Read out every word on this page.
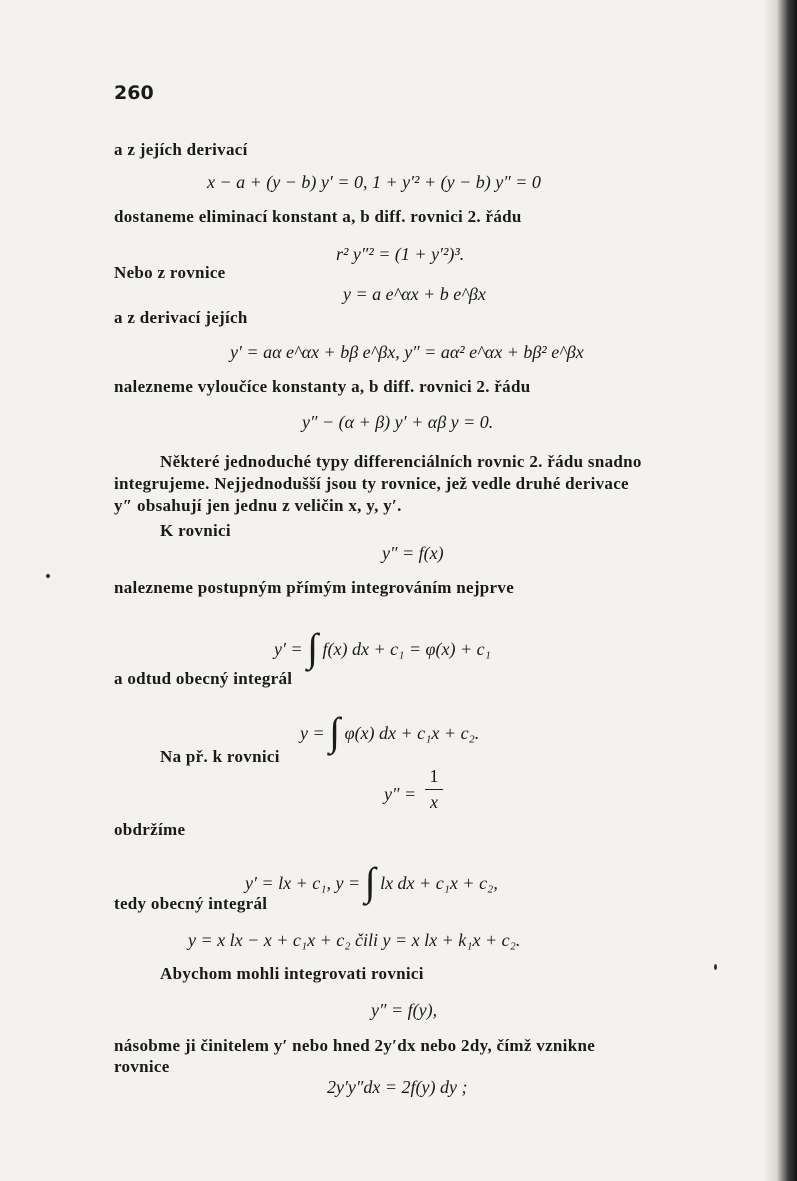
260
a z jejích derivací
x − a + (y − b) y′ = 0, 1 + y′² + (y − b) y″ = 0
dostaneme eliminací konstant a, b diff. rovnici 2. řádu
r² y″² = (1 + y′²)³.
Nebo z rovnice
y = a e^αx + b e^βx
a z derivací jejích
y′ = aα e^αx + bβ e^βx, y″ = aα² e^αx + bβ² e^βx
nalezneme vyloučíce konstanty a, b diff. rovnici 2. řádu
y″ − (α + β) y′ + αβ y = 0.
Některé jednoduché typy differenciálních rovnic 2. řádu snadno
integrujeme. Nejjednodušší jsou ty rovnice, jež vedle druhé derivace
y″ obsahují jen jednu z veličin x, y, y′.
K rovnici
y″ = f(x)
nalezneme postupným přímým integrováním nejprve
y′ = ∫ f(x) dx + c₁ = φ(x) + c₁
a odtud obecný integrál
y = ∫ φ(x) dx + c₁x + c₂.
Na př. k rovnici
y″ =
1
x
obdržíme
y′ = lx + c₁, y = ∫ lx dx + c₁x + c₂,
tedy obecný integrál
y = x lx − x + c₁x + c₂ čili y = x lx + k₁x + c₂.
Abychom mohli integrovati rovnici
y″ = f(y),
násobme ji činitelem y′ nebo hned 2y′dx nebo 2dy, čímž vznikne
rovnice
2y′y″dx = 2f(y) dy ;
